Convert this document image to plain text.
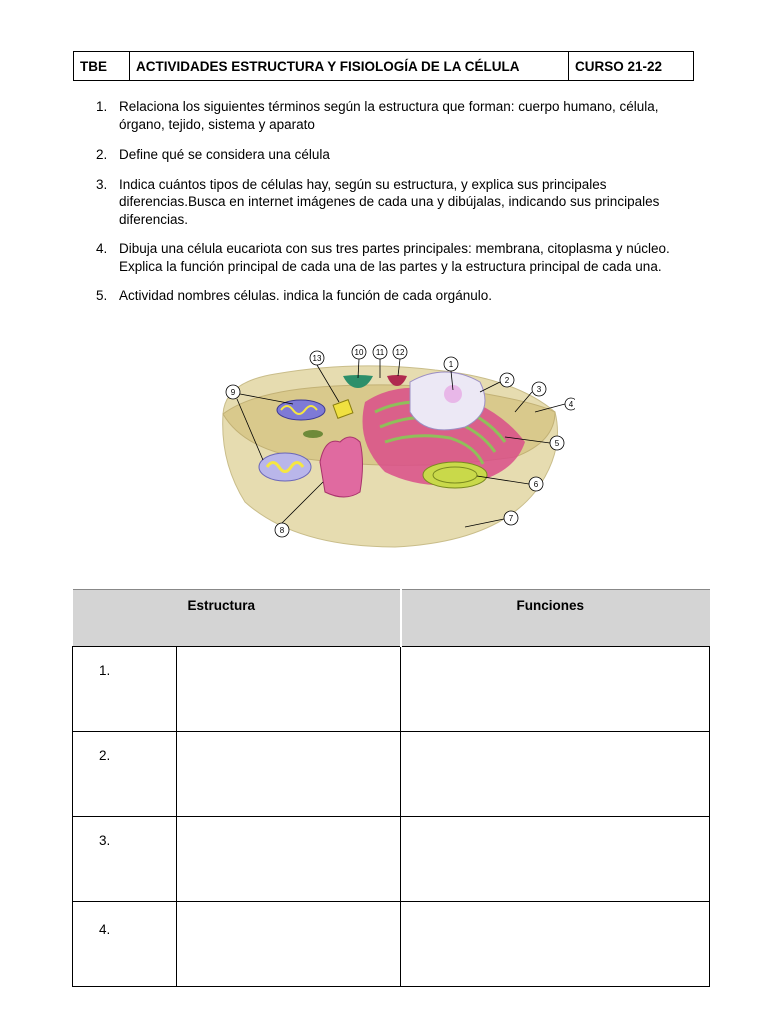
TBE	ACTIVIDADES ESTRUCTURA Y FISIOLOGÍA DE LA CÉLULA	CURSO 21-22
1. Relaciona los siguientes términos según la estructura que forman: cuerpo humano, célula, órgano, tejido, sistema y aparato
2. Define qué se considera una célula
3. Indica cuántos tipos de células hay, según su estructura, y explica sus principales diferencias.Busca en internet imágenes de cada una y dibújalas, indicando sus principales diferencias.
4. Dibuja una célula eucariota con sus tres partes principales: membrana, citoplasma y núcleo. Explica la función principal de cada una de las partes y la estructura principal de cada una.
5. Actividad nombres células. indica la función de cada orgánulo.
13
10 11 12
1
2
3
4
5
6
7
8
9
Estructura		Funciones
1.		
2.		
3.		
4.		
